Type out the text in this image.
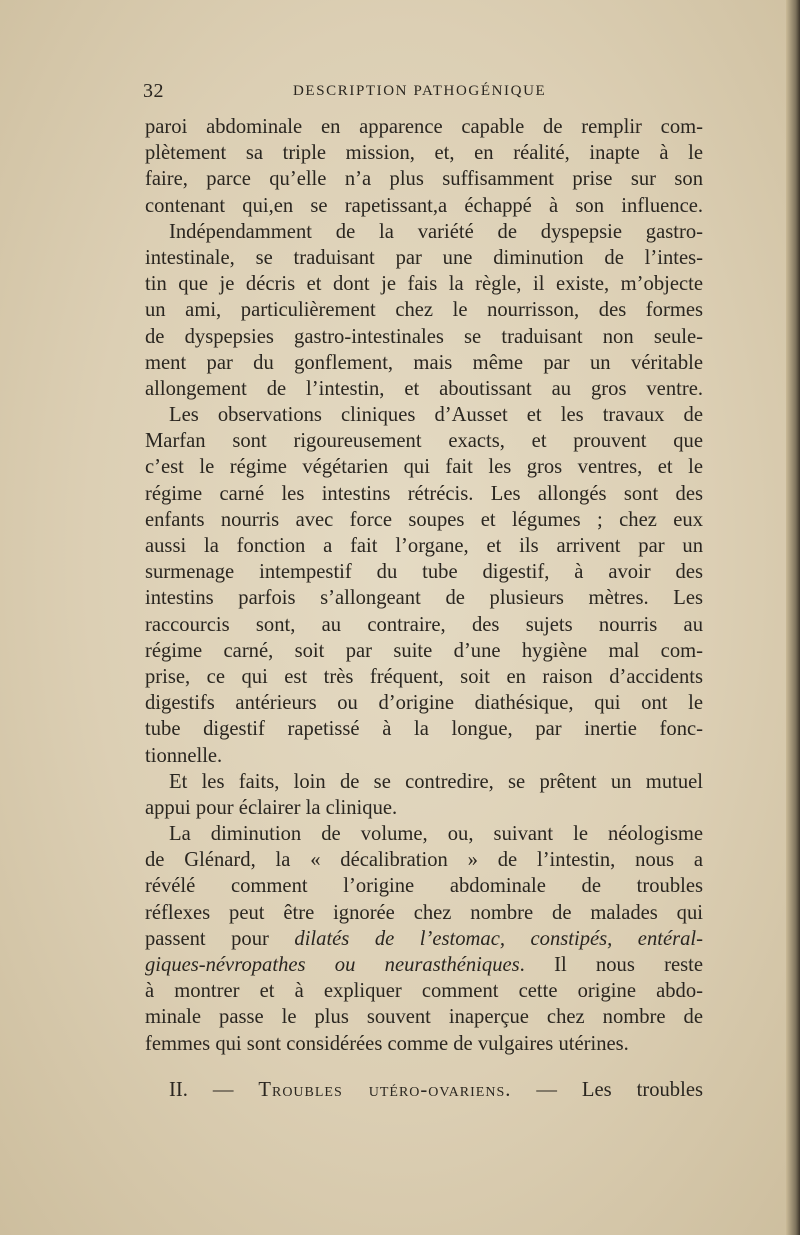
32	DESCRIPTION PATHOGÉNIQUE
paroi abdominale en apparence capable de remplir com-
plètement sa triple mission, et, en réalité, inapte à le
faire, parce qu’elle n’a plus suffisamment prise sur son
contenant qui,en se rapetissant,a échappé à son influence.
Indépendamment de la variété de dyspepsie gastro-
intestinale, se traduisant par une diminution de l’intes-
tin que je décris et dont je fais la règle, il existe, m’objecte
un ami, particulièrement chez le nourrisson, des formes
de dyspepsies gastro-intestinales se traduisant non seule-
ment par du gonflement, mais même par un véritable
allongement de l’intestin, et aboutissant au gros ventre.
Les observations cliniques d’Ausset et les travaux de
Marfan sont rigoureusement exacts, et prouvent que
c’est le régime végétarien qui fait les gros ventres, et le
régime carné les intestins rétrécis. Les allongés sont des
enfants nourris avec force soupes et légumes ; chez eux
aussi la fonction a fait l’organe, et ils arrivent par un
surmenage intempestif du tube digestif, à avoir des
intestins parfois s’allongeant de plusieurs mètres. Les
raccourcis sont, au contraire, des sujets nourris au
régime carné, soit par suite d’une hygiène mal com-
prise, ce qui est très fréquent, soit en raison d’accidents
digestifs antérieurs ou d’origine diathésique, qui ont le
tube digestif rapetissé à la longue, par inertie fonc-
tionnelle.
Et les faits, loin de se contredire, se prêtent un mutuel
appui pour éclairer la clinique.
La diminution de volume, ou, suivant le néologisme
de Glénard, la « décalibration » de l’intestin, nous a
révélé comment l’origine abdominale de troubles
réflexes peut être ignorée chez nombre de malades qui
passent pour dilatés de l’estomac, constipés, entéral-
giques-névropathes ou neurasthéniques. Il nous reste
à montrer et à expliquer comment cette origine abdo-
minale passe le plus souvent inaperçue chez nombre de
femmes qui sont considérées comme de vulgaires utérines.
II. — Troubles utéro-ovariens. — Les troubles
